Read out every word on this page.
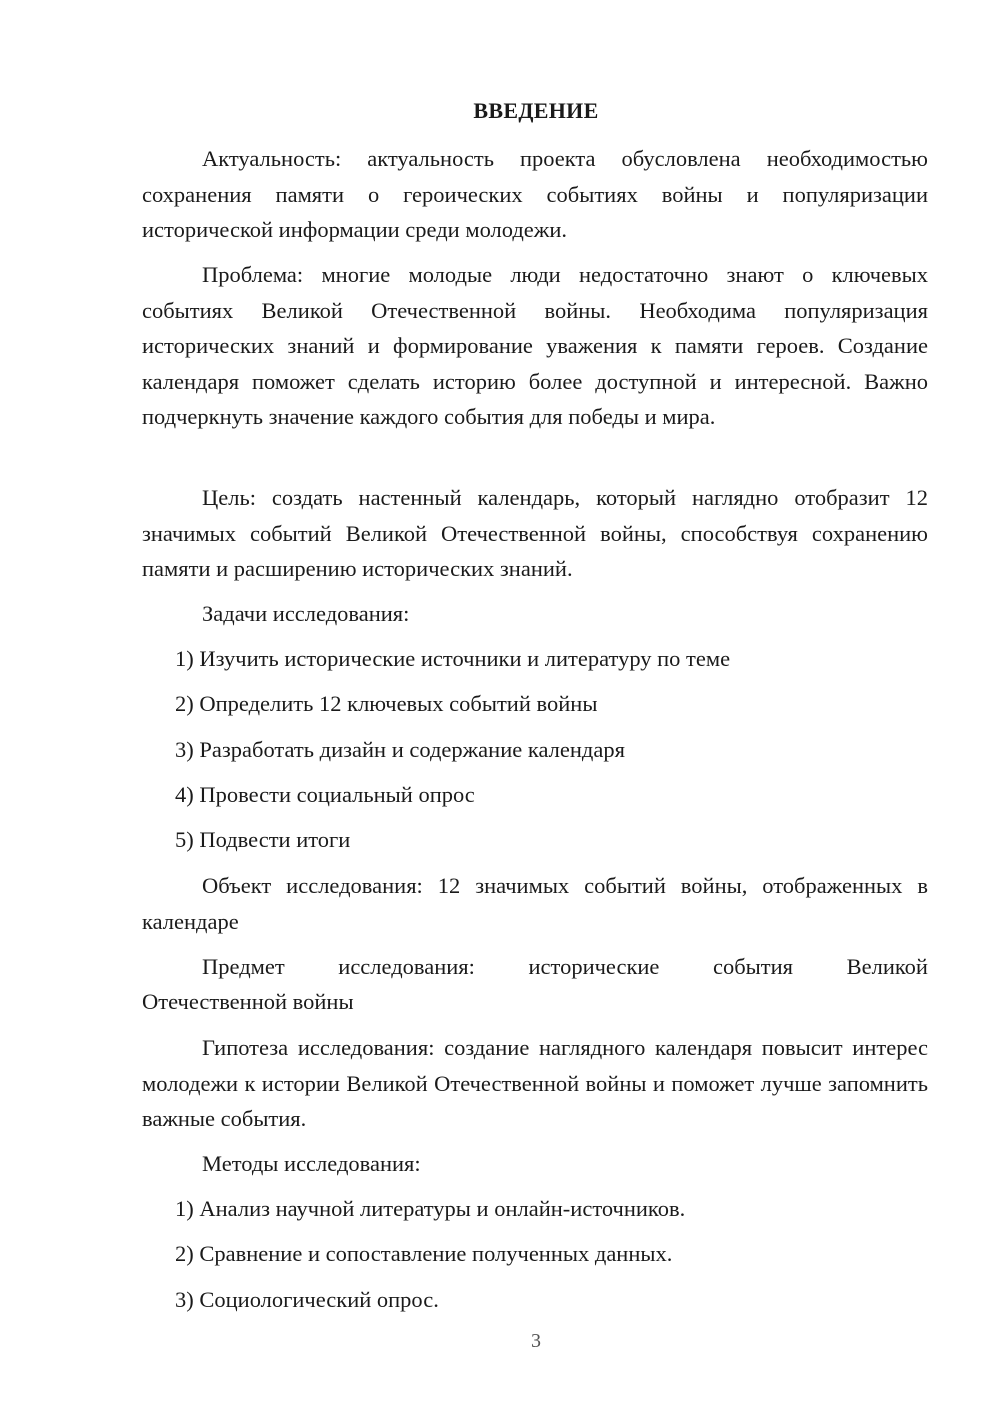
ВВЕДЕНИЕ

Актуальность: актуальность проекта обусловлена необходимостью сохранения памяти о героических событиях войны и популяризации исторической информации среди молодежи.

Проблема: многие молодые люди недостаточно знают о ключевых событиях Великой Отечественной войны. Необходима популяризация исторических знаний и формирование уважения к памяти героев. Создание календаря поможет сделать историю более доступной и интересной. Важно подчеркнуть значение каждого события для победы и мира.

Цель: создать настенный календарь, который наглядно отобразит 12 значимых событий Великой Отечественной войны, способствуя сохранению памяти и расширению исторических знаний.

Задачи исследования:

1) Изучить исторические источники и литературу по теме

2) Определить 12 ключевых событий войны

3) Разработать дизайн и содержание календаря

4) Провести социальный опрос

5) Подвести итоги

Объект исследования: 12 значимых событий войны, отображенных в календаре

Предмет исследования: исторические события Великой

Отечественной войны

Гипотеза исследования: создание наглядного календаря повысит интерес молодежи к истории Великой Отечественной войны и поможет лучше запомнить важные события.

Методы исследования:

1) Анализ научной литературы и онлайн-источников.

2) Сравнение и сопоставление полученных данных.

3) Социологический опрос.

3
